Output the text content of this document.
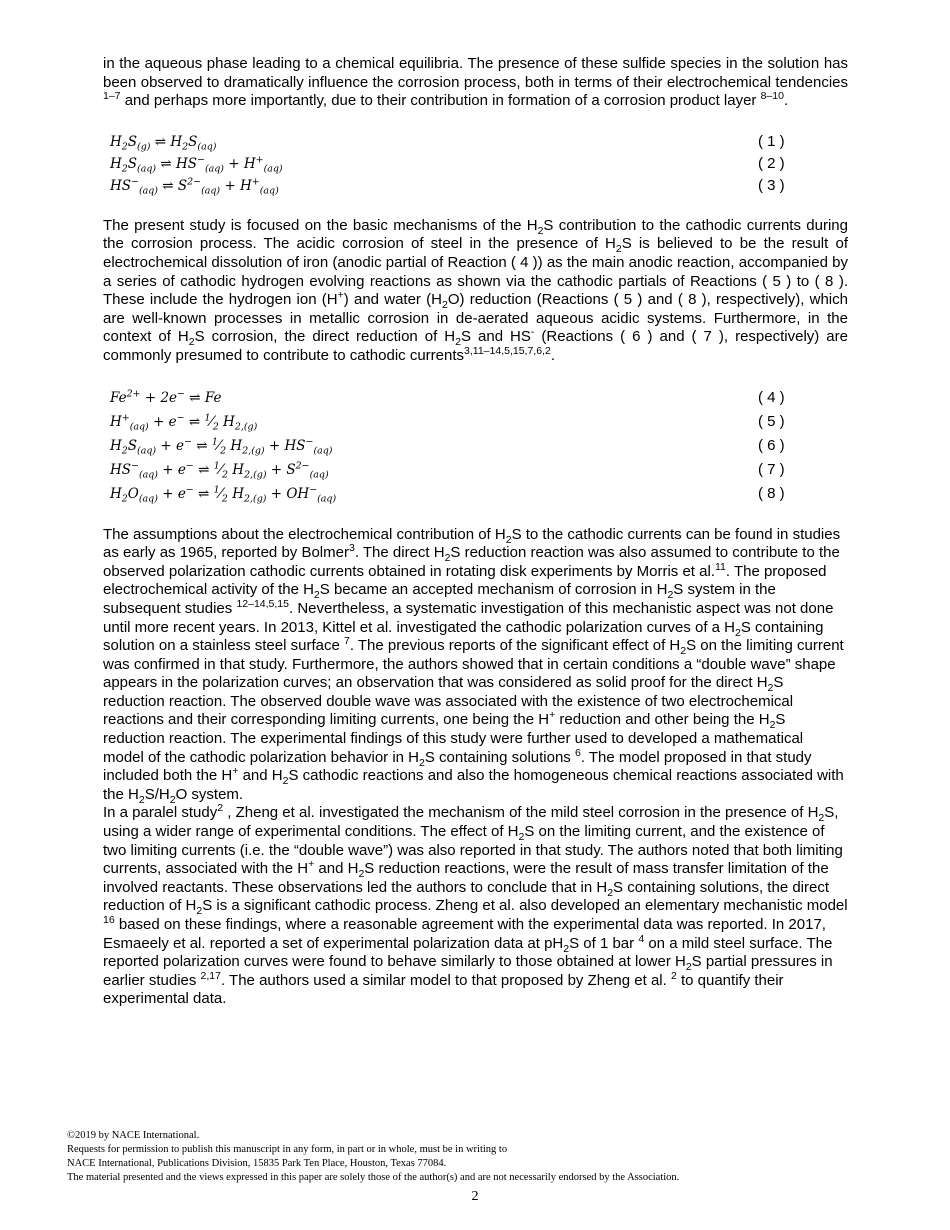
in the aqueous phase leading to a chemical equilibria. The presence of these sulfide species in the solution has been observed to dramatically influence the corrosion process, both in terms of their electrochemical tendencies $^{1-7}$ and perhaps more importantly, due to their contribution in formation of a corrosion product layer $^{8-10}$.

$H_2S_{(g)}$ ⇌ $H_2S_{(aq)}$	( 1 )
$H_2S_{(aq)}$ ⇌ $HS^-_{(aq)} + H^+_{(aq)}$	( 2 )
$HS^-_{(aq)}$ ⇌ $S^{2-}_{(aq)} + H^+_{(aq)}$	( 3 )

The present study is focused on the basic mechanisms of the $H_2S$ contribution to the cathodic currents during the corrosion process. The acidic corrosion of steel in the presence of $H_2S$ is believed to be the result of electrochemical dissolution of iron (anodic partial of Reaction ( 4 )) as the main anodic reaction, accompanied by a series of cathodic hydrogen evolving reactions as shown via the cathodic partials of Reactions ( 5 ) to ( 8 ). These include the hydrogen ion (H+) and water $(H_2O)$ reduction (Reactions ( 5 ) and ( 8 ), respectively), which are well-known processes in metallic corrosion in de-aerated aqueous acidic systems. Furthermore, in the context of $H_2S$ corrosion, the direct reduction of $H_2S$ and HS- (Reactions ( 6 ) and ( 7 ), respectively) are commonly presumed to contribute to cathodic currents$^{3,11-14,5,15,7,6,2}$.

$Fe^{2+} + 2e^-$ ⇌ Fe	( 4 )
$H^+_{(aq)} + e^-$ ⇌ $^1⁄_2$ $H_{2,(g)}$	( 5 )
$H_2S_{(aq)} + e^-$ ⇌ $^1⁄_2$ $H_{2,(g)} + HS^-_{(aq)}$	( 6 )
$HS^-_{(aq)} + e^-$ ⇌ $^1⁄_2$ $H_{2,(g)} + S^{2-}_{(aq)}$	( 7 )
$H_2O_{(aq)} + e^-$ ⇌ $^1⁄_2$ $H_{2,(g)} + OH^-_{(aq)}$	( 8 )

The assumptions about the electrochemical contribution of $H_2S$ to the cathodic currents can be found in studies as early as 1965, reported by Bolmer$^3$. The direct $H_2S$ reduction reaction was also assumed to contribute to the observed polarization cathodic currents obtained in rotating disk experiments by Morris et al.$^{11}$. The proposed electrochemical activity of the $H_2S$ became an accepted mechanism of corrosion in $H_2S$ system in the subsequent studies $^{12-14,5,15}$. Nevertheless, a systematic investigation of this mechanistic aspect was not done until more recent years. In 2013, Kittel et al. investigated the cathodic polarization curves of a $H_2S$ containing solution on a stainless steel surface $^7$. The previous reports of the significant effect of $H_2S$ on the limiting current was confirmed in that study. Furthermore, the authors showed that in certain conditions a “double wave” shape appears in the polarization curves; an observation that was considered as solid proof for the direct $H_2S$ reduction reaction. The observed double wave was associated with the existence of two electrochemical reactions and their corresponding limiting currents, one being the H+ reduction and other being the $H_2S$ reduction reaction. The experimental findings of this study were further used to developed a mathematical model of the cathodic polarization behavior in $H_2S$ containing solutions $^6$. The model proposed in that study included both the H+ and $H_2S$ cathodic reactions and also the homogeneous chemical reactions associated with the $H_2S/H_2O$ system.

In a paralel study$^2$ , Zheng et al. investigated the mechanism of the mild steel corrosion in the presence of $H_2S$, using a wider range of experimental conditions. The effect of $H_2S$ on the limiting current, and the existence of two limiting currents (i.e. the “double wave”) was also reported in that study. The authors noted that both limiting currents, associated with the H+ and $H_2S$ reduction reactions, were the result of mass transfer limitation of the involved reactants. These observations led the authors to conclude that in $H_2S$ containing solutions, the direct reduction of $H_2S$ is a significant cathodic process. Zheng et al. also developed an elementary mechanistic model $^{16}$ based on these findings, where a reasonable agreement with the experimental data was reported. In 2017, Esmaeely et al. reported a set of experimental polarization data at $pH_2S$ of 1 bar $^4$ on a mild steel surface. The reported polarization curves were found to behave similarly to those obtained at lower $H_2S$ partial pressures in earlier studies $^{2,17}$. The authors used a similar model to that proposed by Zheng et al. $^2$ to quantify their experimental data.

©2019 by NACE International.
Requests for permission to publish this manuscript in any form, in part or in whole, must be in writing to
NACE International, Publications Division, 15835 Park Ten Place, Houston, Texas 77084.
The material presented and the views expressed in this paper are solely those of the author(s) and are not necessarily endorsed by the Association.
2
